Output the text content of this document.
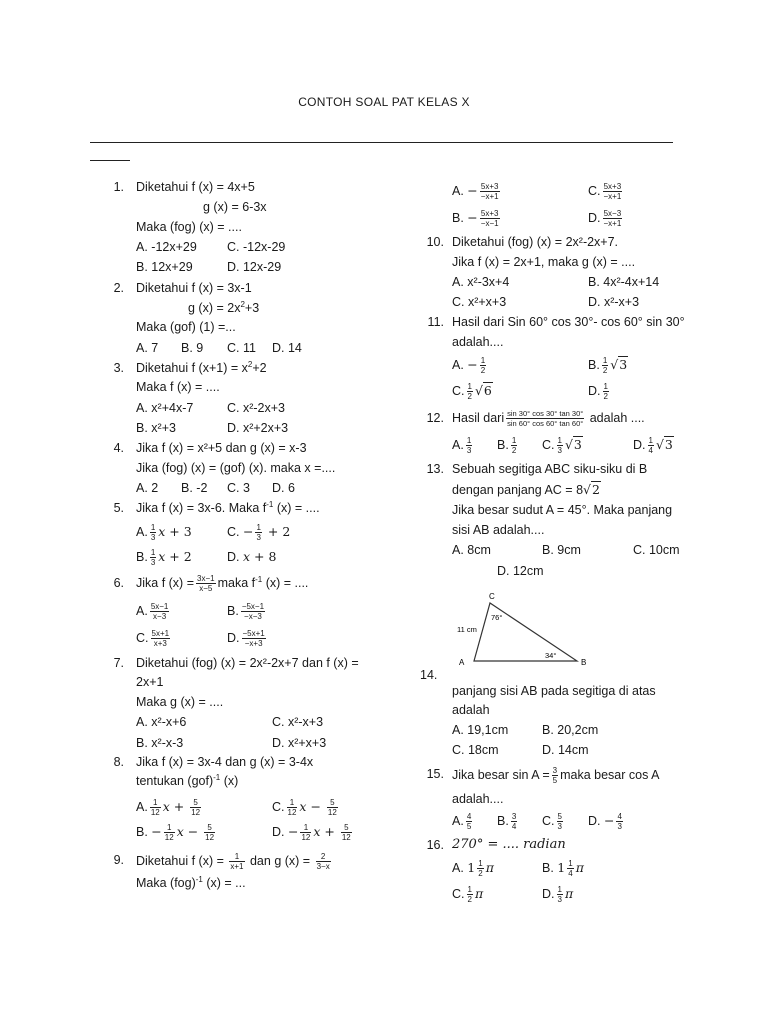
CONTOH SOAL PAT KELAS X
1. Diketahui f (x) = 4x+5
g (x) = 6-3x
Maka (fog) (x) = ....
A. -12x+29 C. -12x-29
B. 12x+29	D. 12x-29
2. Diketahui f (x) = 3x-1
g $(x) = 2x^2+3$
Maka (gof) (1) =...
A. 7 B. 9 C. 11 D. 14
3. Diketahui f $(x+1) = x^2+2$
Maka f (x) = ....
A. x²+4x-7	C. x²-2x+3
B. x²+3	D. x²+2x+3
4. Jika f (x) = x²+5 dan g (x) = x-3
Jika (fog) (x) = (gof) (x). maka x =....
A. 2 B. -2 C. 3 D. 6
5. Jika f (x) = 3x-6. Maka $f^{-1}$ (x) = ....
A. $\frac{1}{3}$ x + 3	C. − $\frac{1}{3} + 2$
B. $\frac{1}{3}$ x + 2	D. x + 8
6. Jika f $(x) = \frac{3x-1}{x-5}$ maka $f^{-1}$ (x) = ....
A. $\frac{5x-1}{x-3}$	B. $\frac{-5x-1}{-x-3}$
C. $\frac{5x+1}{x+3}$	D. $\frac{-5x+1}{-x+3}$
7. Diketahui (fog) (x) = 2x²-2x+7 dan f (x) =
2x+1
Maka g (x) = ....
A. x²-x+6	C. x²-x+3
B. x²-x-3	D. x²+x+3
8. Jika f (x) = 3x-4 dan g (x) = 3-4x
tentukan (gof)$^{-1}$ (x)
A. $\frac{1}{12}$ $x + \frac{5}{12}$	C. $\frac{1}{12}$ $x - \frac{5}{12}$
B. − $\frac{1}{12}$ $x - \frac{5}{12}$	D. − $\frac{1}{12}$ $x + \frac{5}{12}$
9. Diketahui f $(x) = \frac{1}{x+1}$ dan g $(x) = \frac{2}{3-x}$
Maka (fog)$^{-1}$ (x) = ...
A. − $\frac{5x+3}{-x+1}$	C. $\frac{5x+3}{-x+1}$
B. − $\frac{5x+3}{-x-1}$	D. $\frac{5x-3}{-x+1}$
10. Diketahui (fog) (x) = 2x²-2x+7.
Jika f (x) = 2x+1, maka g (x) = ....
A. x²-3x+4	B. 4x²-4x+14
C. x²+x+3	D. x²-x+3
11. Hasil dari Sin 60° cos 30°- cos 60° sin 30°
adalah....
A. − $\frac{1}{2}$	B. $\frac{1}{2} √3$
C. $\frac{1}{2} √6$	D. $\frac{1}{2}$
12. Hasil dari $\frac{\sin 30^\circ \cos 30^\circ \tan 30^\circ}{\sin 60^\circ \cos 60^\circ \tan 60^\circ}$ adalah ....
A. $\frac{1}{3} B$. $\frac{1}{2} C$. $\frac{1}{3} √3$	D. $\frac{1}{4} √3$
13. Sebuah segitiga ABC siku-siku di B
dengan panjang AC = 8√2
Jika besar sudut A = 45°. Maka panjang
sisi AB adalah....
A. 8cm	B. 9cm	C. 10cm
D. 12cm
C
A	B
76°
34°
11 cm
14.
panjang sisi AB pada segitiga di atas
adalah
A. 19,1cm	B. 20,2cm
C. 18cm	D. 14cm
15. Jika besar $\sin A = \frac{3}{5}$ maka besar cos A
adalah....
A. $\frac{4}{5} B$. $\frac{3}{4} C$. $\frac{5}{3} D$. − $\frac{4}{3}$
16. 270° = .... radian
A. $1 \frac{1}{2}$ π	B. $1 \frac{1}{4}$ π
C. $\frac{1}{2}$ π	D. $\frac{1}{3}$ π
